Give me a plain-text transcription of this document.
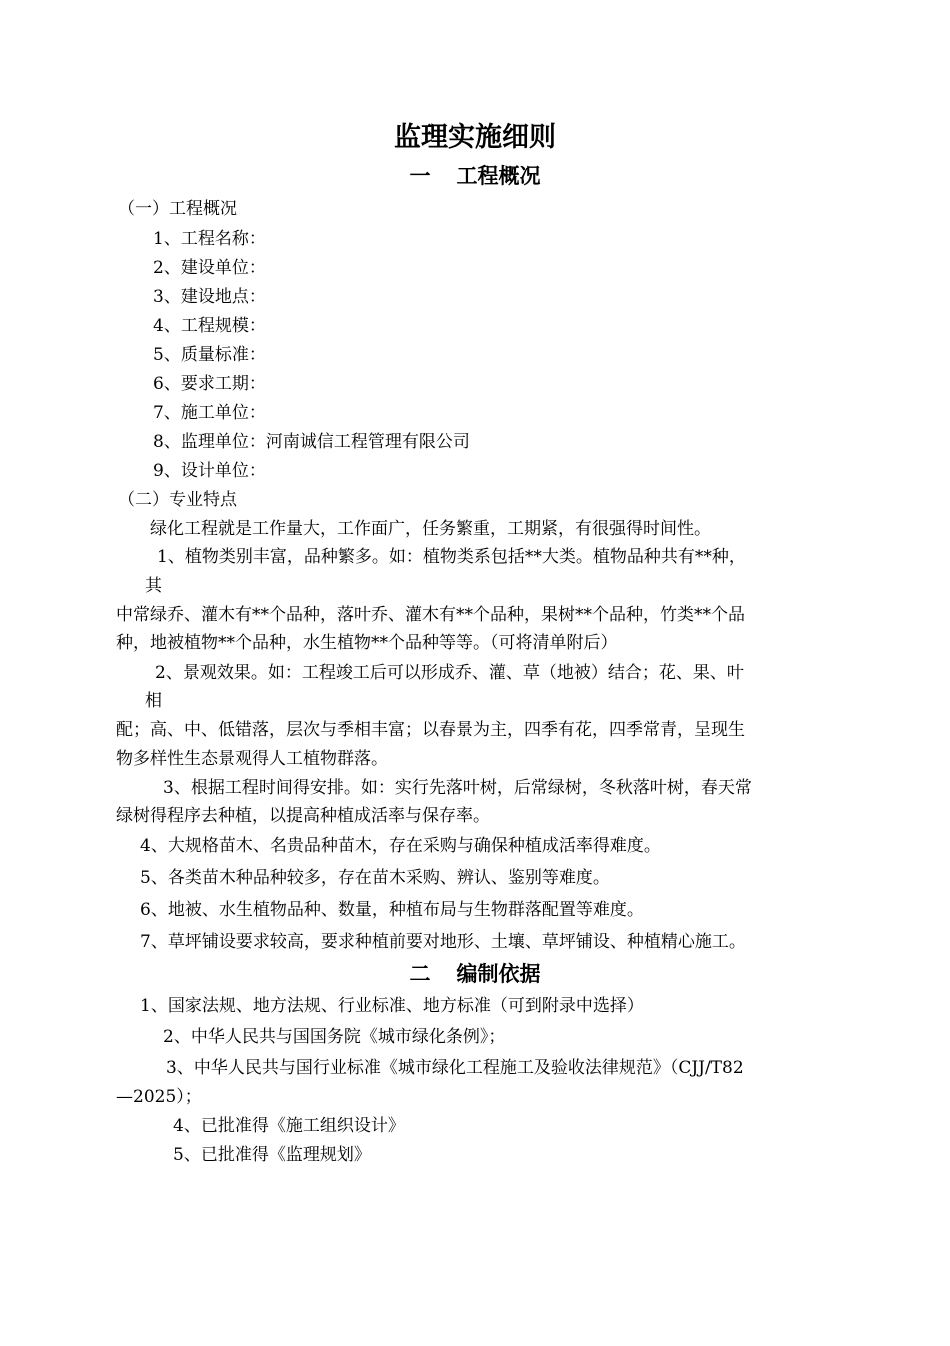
监理实施细则
一 工程概况
（一）工程概况
1、工程名称：
2、建设单位：
3、建设地点：
4、工程规模：
5、质量标准：
6、要求工期：
7、施工单位：
8、监理单位：河南诚信工程管理有限公司
9、设计单位：
（二）专业特点
绿化工程就是工作量大，工作面广，任务繁重，工期紧，有很强得时间性。
1、植物类别丰富，品种繁多。如：植物类系包括**大类。植物品种共有**种，
其
中常绿乔、灌木有**个品种，落叶乔、灌木有**个品种，果树**个品种，竹类**个品
种，地被植物**个品种，水生植物**个品种等等。（可将清单附后）
2、景观效果。如：工程竣工后可以形成乔、灌、草（地被）结合；花、果、叶
相
配；高、中、低错落，层次与季相丰富；以春景为主，四季有花，四季常青，呈现生
物多样性生态景观得人工植物群落。
3、根据工程时间得安排。如：实行先落叶树，后常绿树，冬秋落叶树，春天常
绿树得程序去种植，以提高种植成活率与保存率。
4、大规格苗木、名贵品种苗木，存在采购与确保种植成活率得难度。
5、各类苗木种品种较多，存在苗木采购、辨认、鉴别等难度。
6、地被、水生植物品种、数量，种植布局与生物群落配置等难度。
7、草坪铺设要求较高，要求种植前要对地形、土壤、草坪铺设、种植精心施工。
二 编制依据
1、国家法规、地方法规、行业标准、地方标准（可到附录中选择）
2、中华人民共与国国务院《城市绿化条例》；
3、中华人民共与国行业标准《城市绿化工程施工及验收法律规范》（CJJ/T82
—2025）；
4、已批准得《施工组织设计》
5、已批准得《监理规划》
